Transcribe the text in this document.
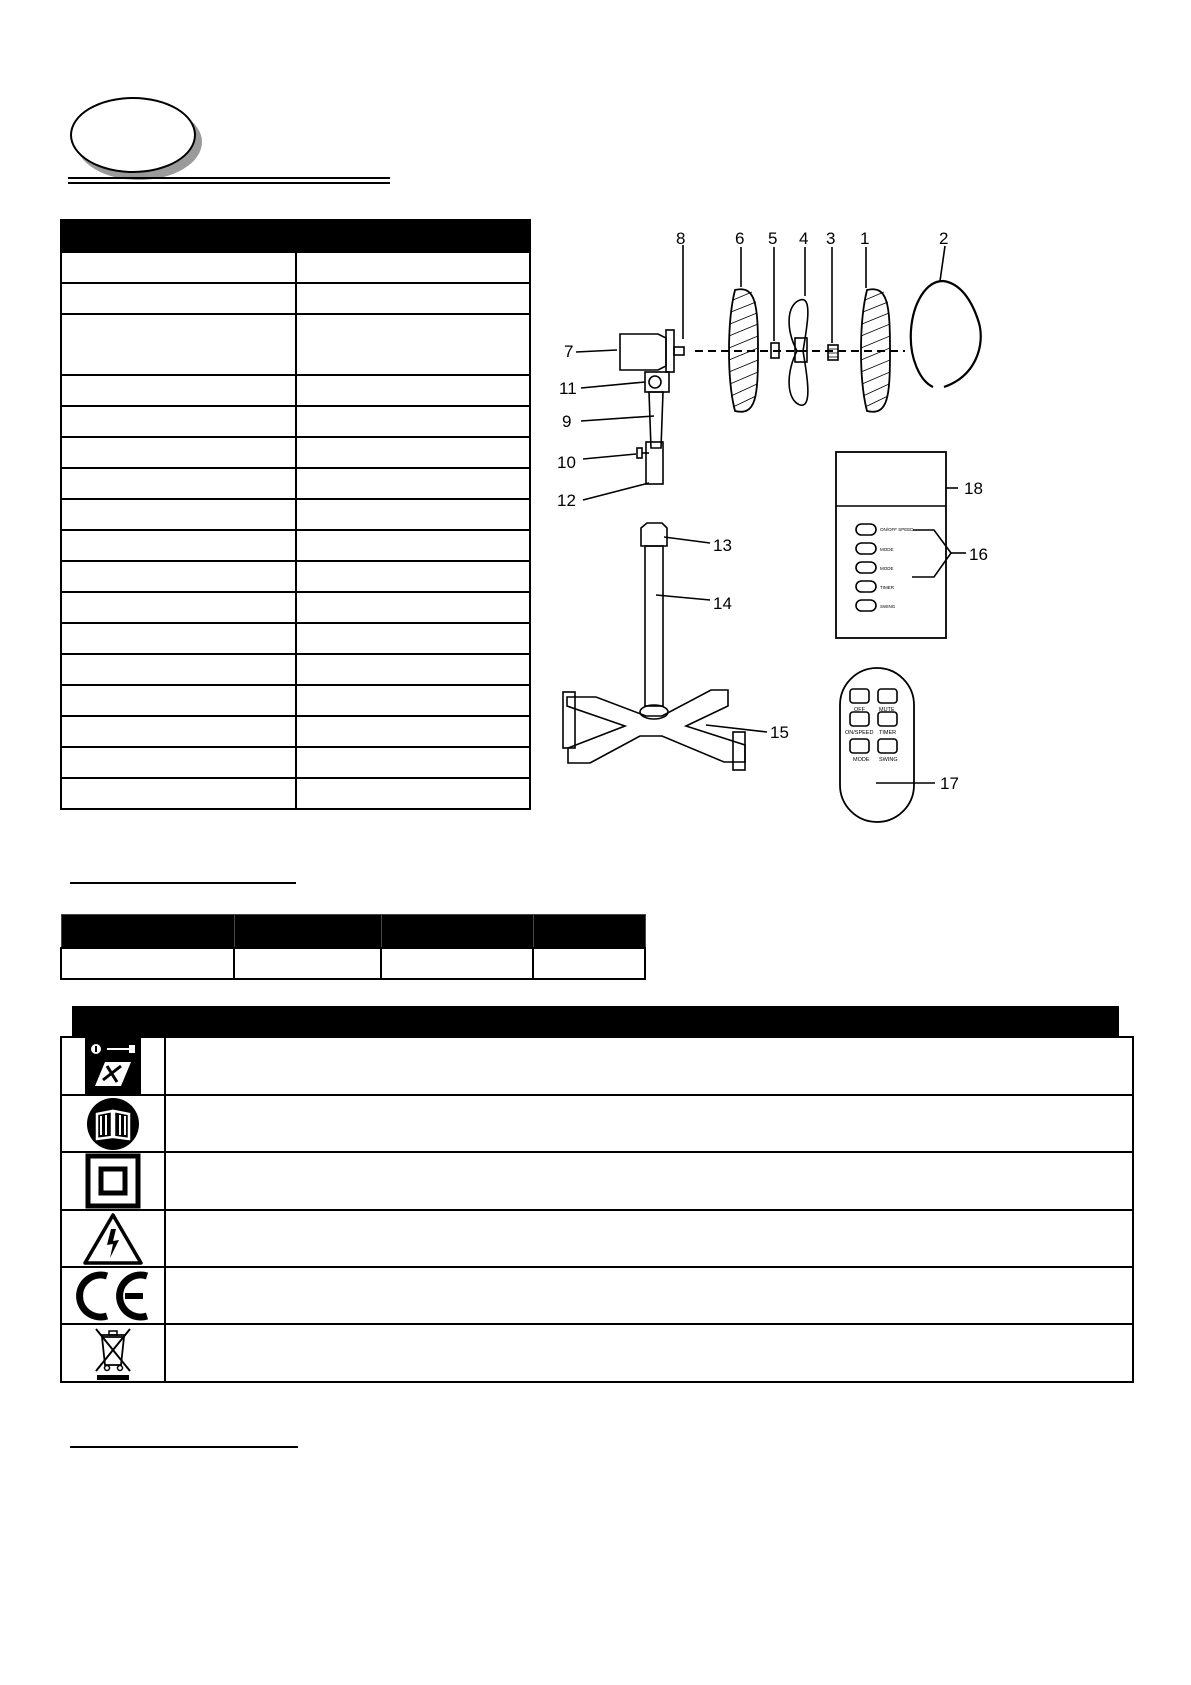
7
8	6 5 4 3 1	2
11
9
10
12
13
14
15
18
16
17
ON/OFF SPEED
MODE
MODE
TIMER
SWING
OFF	MUTE
ON/SPEED TIMER
MODE SWING
